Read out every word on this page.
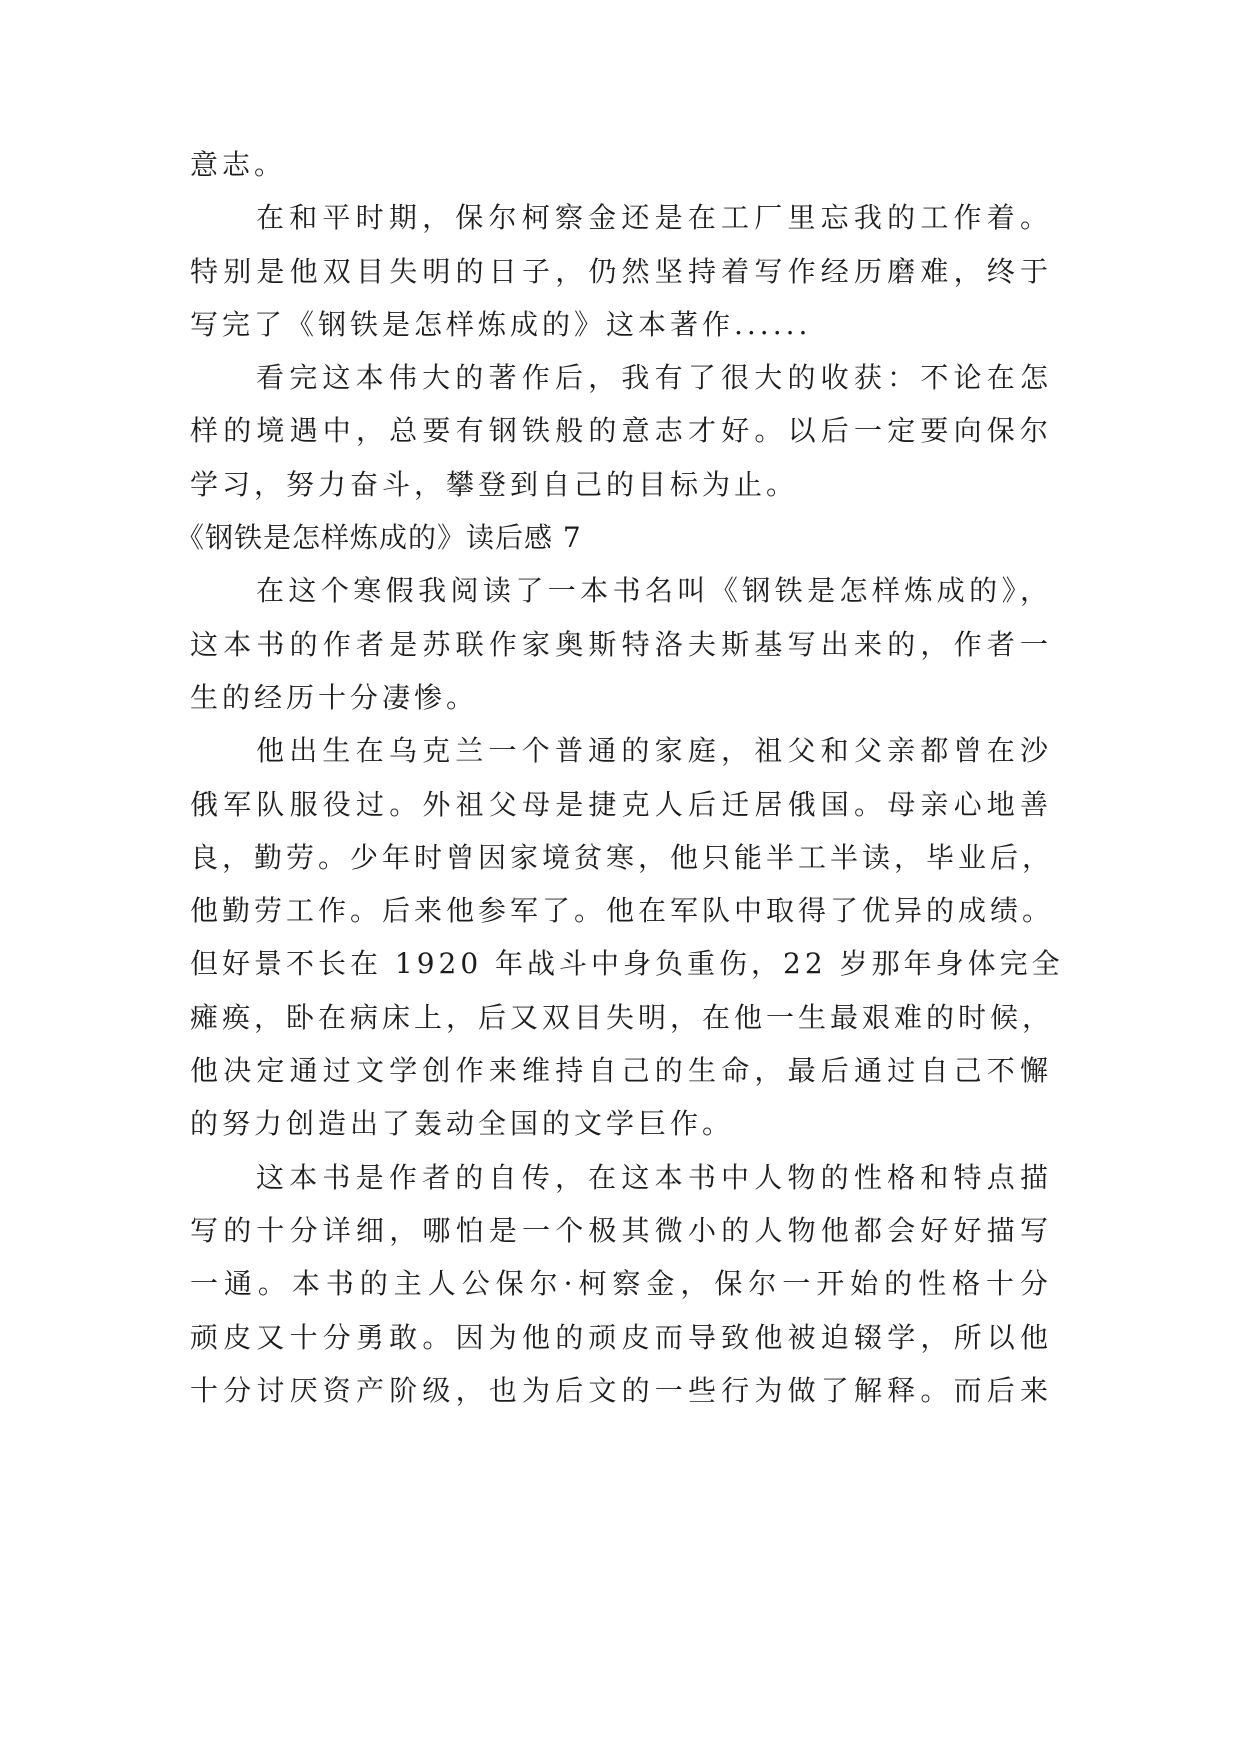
意志。
在和平时期，保尔柯察金还是在工厂里忘我的工作着。
特别是他双目失明的日子，仍然坚持着写作经历磨难，终于
写完了《钢铁是怎样炼成的》这本著作......
看完这本伟大的著作后，我有了很大的收获：不论在怎
样的境遇中，总要有钢铁般的意志才好。以后一定要向保尔
学习，努力奋斗，攀登到自己的目标为止。
《钢铁是怎样炼成的》读后感 7
在这个寒假我阅读了一本书名叫《钢铁是怎样炼成的》，
这本书的作者是苏联作家奥斯特洛夫斯基写出来的，作者一
生的经历十分凄惨。
他出生在乌克兰一个普通的家庭，祖父和父亲都曾在沙
俄军队服役过。外祖父母是捷克人后迁居俄国。母亲心地善
良，勤劳。少年时曾因家境贫寒，他只能半工半读，毕业后，
他勤劳工作。后来他参军了。他在军队中取得了优异的成绩。
但好景不长在 1920 年战斗中身负重伤，22 岁那年身体完全
瘫痪，卧在病床上，后又双目失明，在他一生最艰难的时候，
他决定通过文学创作来维持自己的生命，最后通过自己不懈
的努力创造出了轰动全国的文学巨作。
这本书是作者的自传，在这本书中人物的性格和特点描
写的十分详细，哪怕是一个极其微小的人物他都会好好描写
一通。本书的主人公保尔·柯察金，保尔一开始的性格十分
顽皮又十分勇敢。因为他的顽皮而导致他被迫辍学，所以他
十分讨厌资产阶级，也为后文的一些行为做了解释。而后来
